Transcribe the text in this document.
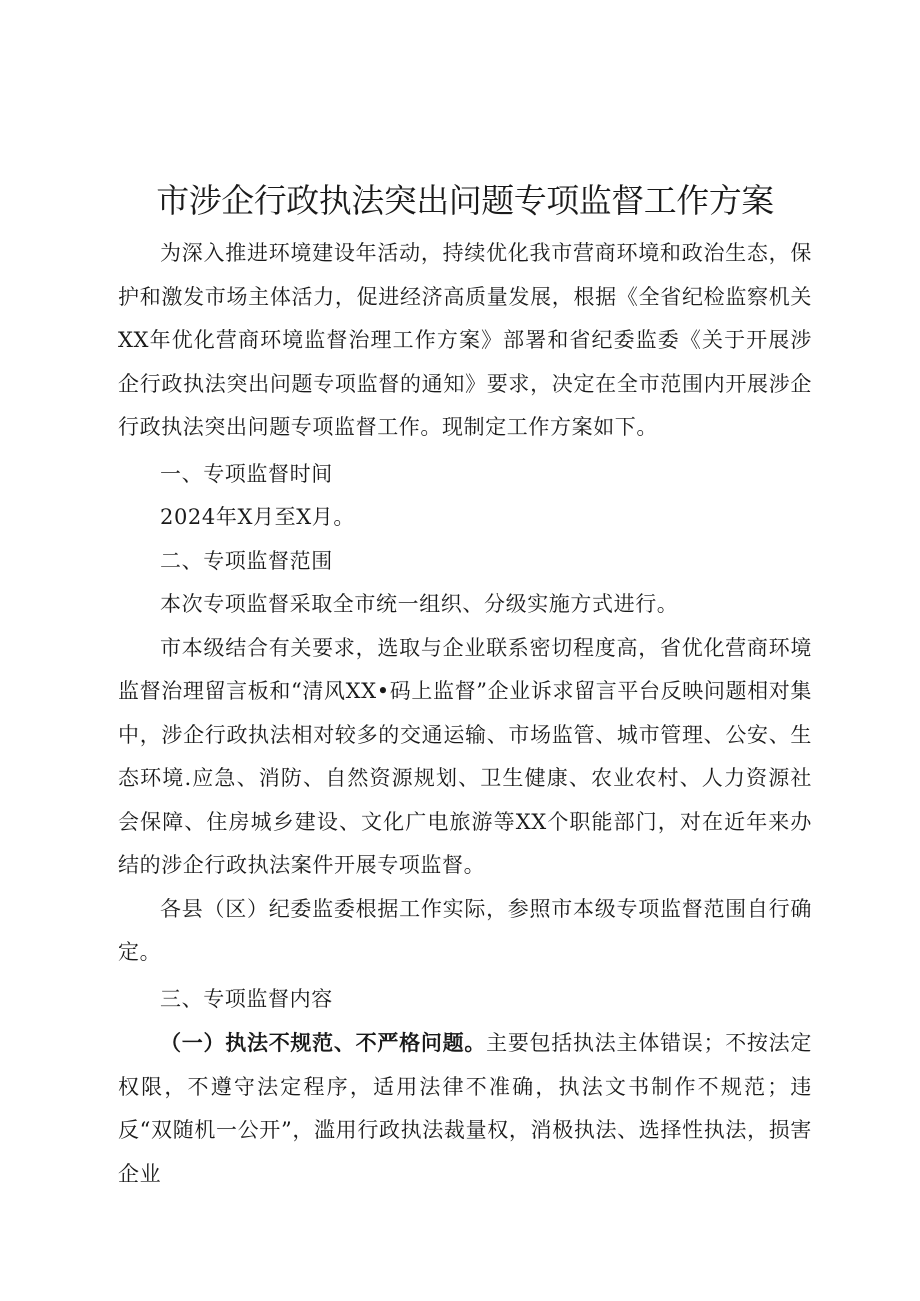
市涉企行政执法突出问题专项监督工作方案

为深入推进环境建设年活动，持续优化我市营商环境和政治生态，保护和激发市场主体活力，促进经济高质量发展，根据《全省纪检监察机关XX年优化营商环境监督治理工作方案》部署和省纪委监委《关于开展涉企行政执法突出问题专项监督的通知》要求，决定在全市范围内开展涉企行政执法突出问题专项监督工作。现制定工作方案如下。

一、专项监督时间

2024年X月至X月。

二、专项监督范围

本次专项监督采取全市统一组织、分级实施方式进行。

市本级结合有关要求，选取与企业联系密切程度高，省优化营商环境监督治理留言板和“清风XX•码上监督”企业诉求留言平台反映问题相对集中，涉企行政执法相对较多的交通运输、市场监管、城市管理、公安、生态环境.应急、消防、自然资源规划、卫生健康、农业农村、人力资源社会保障、住房城乡建设、文化广电旅游等XX个职能部门，对在近年来办结的涉企行政执法案件开展专项监督。

各县（区）纪委监委根据工作实际，参照市本级专项监督范围自行确定。

三、专项监督内容

（一）执法不规范、不严格问题。主要包括执法主体错误；不按法定权限，不遵守法定程序，适用法律不准确，执法文书制作不规范；违反“双随机一公开”，滥用行政执法裁量权，消极执法、选择性执法，损害企业
